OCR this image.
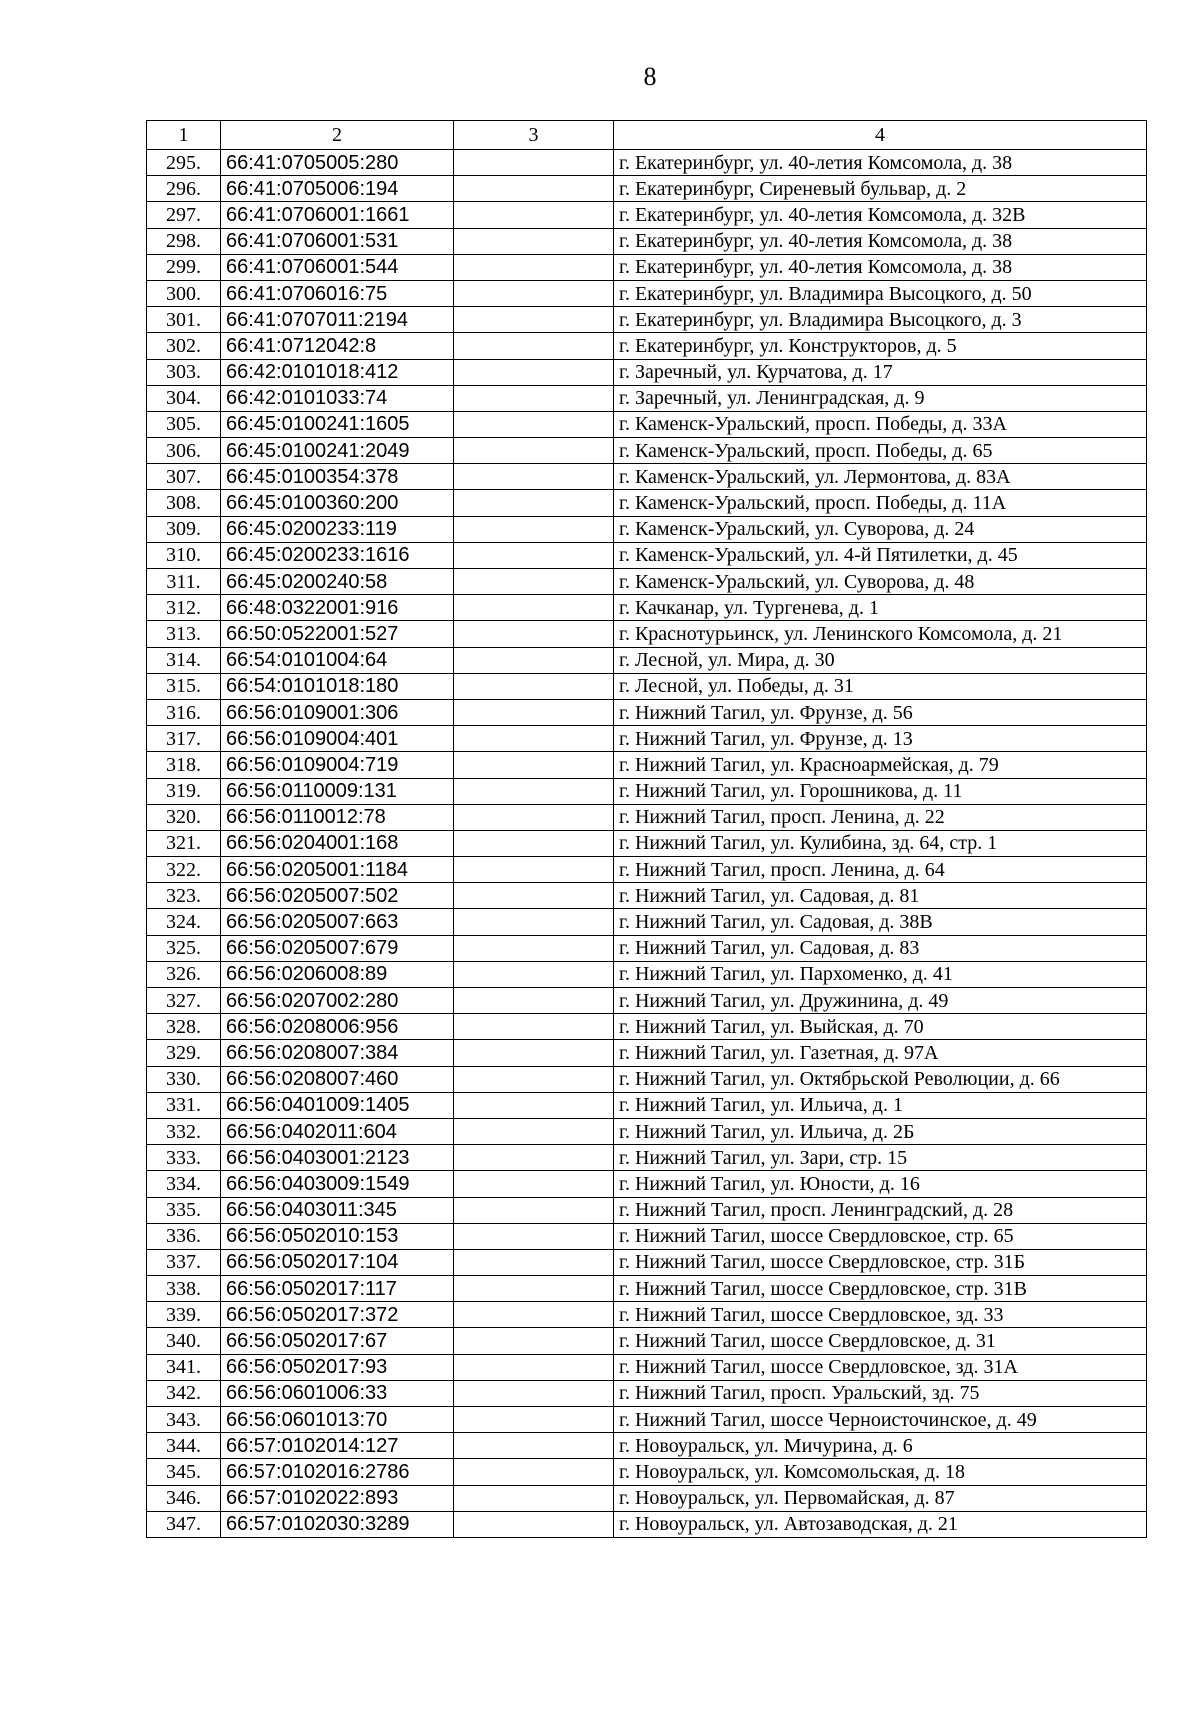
8
1	2	3	4
295.	66:41:0705005:280		г. Екатеринбург, ул. 40-летия Комсомола, д. 38
296.	66:41:0705006:194		г. Екатеринбург, Сиреневый бульвар, д. 2
297.	66:41:0706001:1661		г. Екатеринбург, ул. 40-летия Комсомола, д. 32В
298.	66:41:0706001:531		г. Екатеринбург, ул. 40-летия Комсомола, д. 38
299.	66:41:0706001:544		г. Екатеринбург, ул. 40-летия Комсомола, д. 38
300.	66:41:0706016:75		г. Екатеринбург, ул. Владимира Высоцкого, д. 50
301.	66:41:0707011:2194		г. Екатеринбург, ул. Владимира Высоцкого, д. 3
302.	66:41:0712042:8		г. Екатеринбург, ул. Конструкторов, д. 5
303.	66:42:0101018:412		г. Заречный, ул. Курчатова, д. 17
304.	66:42:0101033:74		г. Заречный, ул. Ленинградская, д. 9
305.	66:45:0100241:1605		г. Каменск-Уральский, просп. Победы, д. 33А
306.	66:45:0100241:2049		г. Каменск-Уральский, просп. Победы, д. 65
307.	66:45:0100354:378		г. Каменск-Уральский, ул. Лермонтова, д. 83А
308.	66:45:0100360:200		г. Каменск-Уральский, просп. Победы, д. 11А
309.	66:45:0200233:119		г. Каменск-Уральский, ул. Суворова, д. 24
310.	66:45:0200233:1616		г. Каменск-Уральский, ул. 4-й Пятилетки, д. 45
311.	66:45:0200240:58		г. Каменск-Уральский, ул. Суворова, д. 48
312.	66:48:0322001:916		г. Качканар, ул. Тургенева, д. 1
313.	66:50:0522001:527		г. Краснотурьинск, ул. Ленинского Комсомола, д. 21
314.	66:54:0101004:64		г. Лесной, ул. Мира, д. 30
315.	66:54:0101018:180		г. Лесной, ул. Победы, д. 31
316.	66:56:0109001:306		г. Нижний Тагил, ул. Фрунзе, д. 56
317.	66:56:0109004:401		г. Нижний Тагил, ул. Фрунзе, д. 13
318.	66:56:0109004:719		г. Нижний Тагил, ул. Красноармейская, д. 79
319.	66:56:0110009:131		г. Нижний Тагил, ул. Горошникова, д. 11
320.	66:56:0110012:78		г. Нижний Тагил, просп. Ленина, д. 22
321.	66:56:0204001:168		г. Нижний Тагил, ул. Кулибина, зд. 64, стр. 1
322.	66:56:0205001:1184		г. Нижний Тагил, просп. Ленина, д. 64
323.	66:56:0205007:502		г. Нижний Тагил, ул. Садовая, д. 81
324.	66:56:0205007:663		г. Нижний Тагил, ул. Садовая, д. 38В
325.	66:56:0205007:679		г. Нижний Тагил, ул. Садовая, д. 83
326.	66:56:0206008:89		г. Нижний Тагил, ул. Пархоменко, д. 41
327.	66:56:0207002:280		г. Нижний Тагил, ул. Дружинина, д. 49
328.	66:56:0208006:956		г. Нижний Тагил, ул. Выйская, д. 70
329.	66:56:0208007:384		г. Нижний Тагил, ул. Газетная, д. 97А
330.	66:56:0208007:460		г. Нижний Тагил, ул. Октябрьской Революции, д. 66
331.	66:56:0401009:1405		г. Нижний Тагил, ул. Ильича, д. 1
332.	66:56:0402011:604		г. Нижний Тагил, ул. Ильича, д. 2Б
333.	66:56:0403001:2123		г. Нижний Тагил, ул. Зари, стр. 15
334.	66:56:0403009:1549		г. Нижний Тагил, ул. Юности, д. 16
335.	66:56:0403011:345		г. Нижний Тагил, просп. Ленинградский, д. 28
336.	66:56:0502010:153		г. Нижний Тагил, шоссе Свердловское, стр. 65
337.	66:56:0502017:104		г. Нижний Тагил, шоссе Свердловское, стр. 31Б
338.	66:56:0502017:117		г. Нижний Тагил, шоссе Свердловское, стр. 31В
339.	66:56:0502017:372		г. Нижний Тагил, шоссе Свердловское, зд. 33
340.	66:56:0502017:67		г. Нижний Тагил, шоссе Свердловское, д. 31
341.	66:56:0502017:93		г. Нижний Тагил, шоссе Свердловское, зд. 31А
342.	66:56:0601006:33		г. Нижний Тагил, просп. Уральский, зд. 75
343.	66:56:0601013:70		г. Нижний Тагил, шоссе Черноисточинское, д. 49
344.	66:57:0102014:127		г. Новоуральск, ул. Мичурина, д. 6
345.	66:57:0102016:2786		г. Новоуральск, ул. Комсомольская, д. 18
346.	66:57:0102022:893		г. Новоуральск, ул. Первомайская, д. 87
347.	66:57:0102030:3289		г. Новоуральск, ул. Автозаводская, д. 21
